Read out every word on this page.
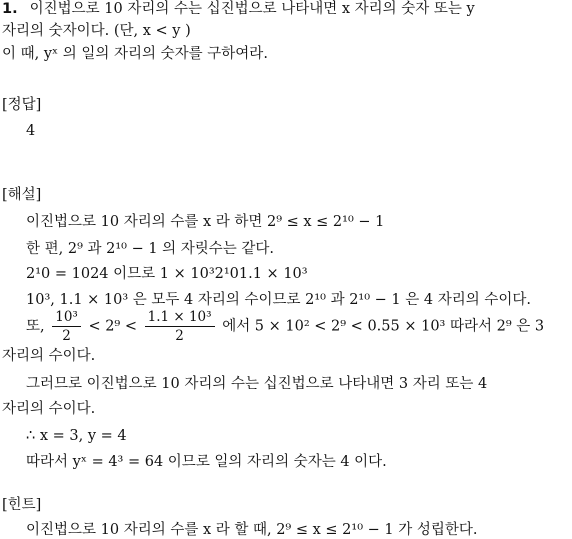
1. 이진법으로 10 자리의 수는 십진법으로 나타내면 x 자리의 숫자 또는 y
자리의 숫자이다. (단, x < y )
이 때, yˣ 의 일의 자리의 숫자를 구하여라.
[정답]
4
[해설]
이진법으로 10 자리의 수를 x 라 하면 2⁹ ≤ x ≤ 2¹⁰ − 1
한 편, 2⁹ 과 2¹⁰ − 1 의 자릿수는 같다.
2¹0 = 1024 이므로 1 × 10³2¹01.1 × 10³
10³, 1.1 × 10³ 은 모두 4 자리의 수이므로 2¹⁰ 과 2¹⁰ − 1 은 4 자리의 수이다.
또, $\frac{\text{10³}}{2} < 2^9 < \frac{\text{1.1 × 10³}}{2}$ 에서 5 × 10² < 2⁹ < 0.55 × 10³ 따라서 2⁹ 은 3
자리의 수이다.
그러므로 이진법으로 10 자리의 수는 십진법으로 나타내면 3 자리 또는 4
자리의 수이다.
∴ x = 3, y = 4
따라서 yˣ = 4³ = 64 이므로 일의 자리의 숫자는 4 이다.
[힌트]
이진법으로 10 자리의 수를 x 라 할 때, 2⁹ ≤ x ≤ 2¹⁰ − 1 가 성립한다.
